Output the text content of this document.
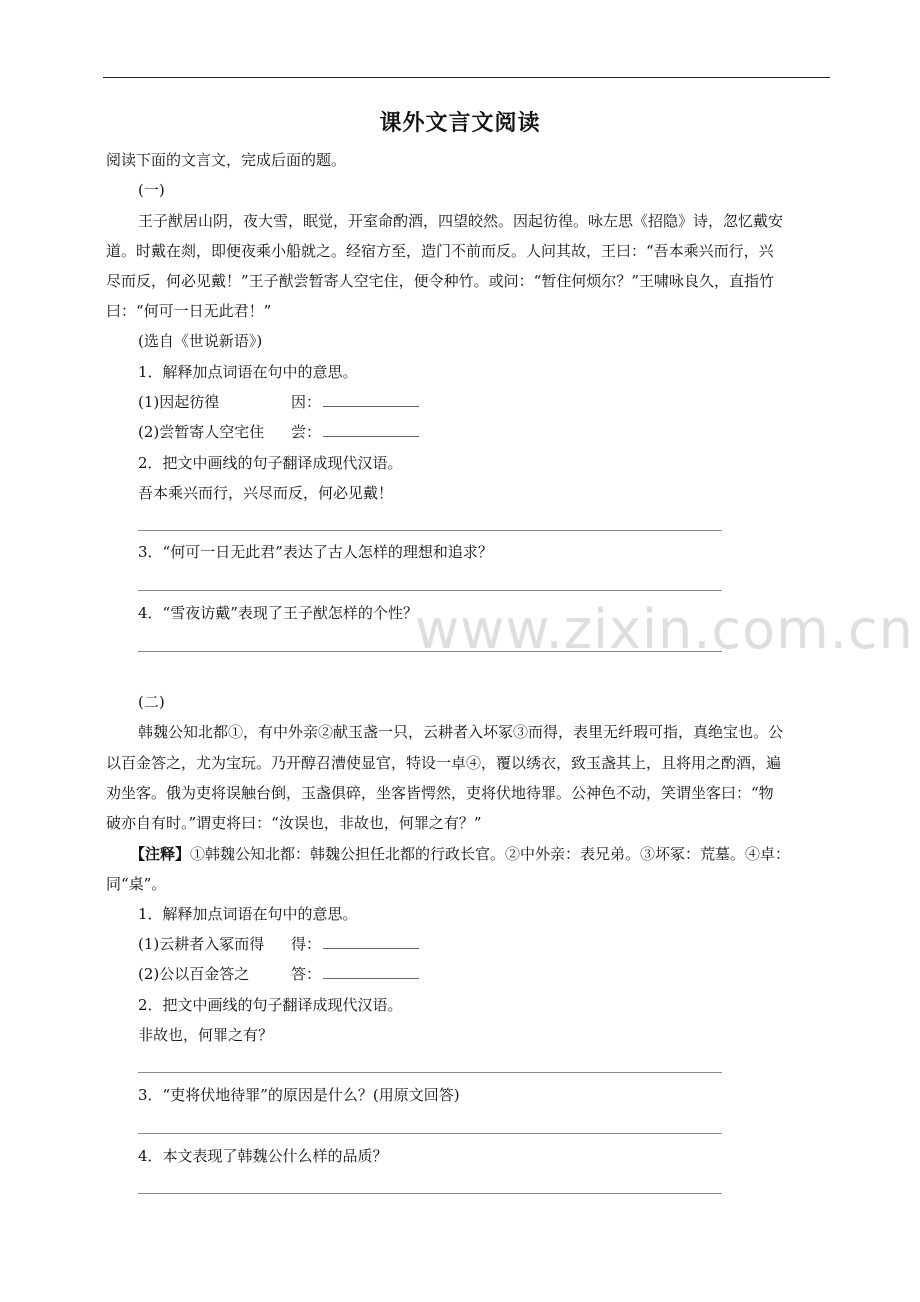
课外文言文阅读
阅读下面的文言文，完成后面的题。
(一)
王子猷居山阴，夜大雪，眠觉，开室命酌酒，四望皎然。因起彷徨。咏左思《招隐》诗，忽忆戴安
道。时戴在剡，即便夜乘小船就之。经宿方至，造门不前而反。人问其故，王曰：“吾本乘兴而行，兴
尽而反，何必见戴！”王子猷尝暂寄人空宅住，便令种竹。或问：“暂住何烦尔？”王啸咏良久，直指竹
曰：“何可一日无此君！”
(选自《世说新语》)
1．解释加点词语在句中的意思。
(1)因起彷徨	因：
(2)尝暂寄人空宅住 尝：
2．把文中画线的句子翻译成现代汉语。
吾本乘兴而行，兴尽而反，何必见戴！
3．“何可一日无此君”表达了古人怎样的理想和追求？
4．“雪夜访戴”表现了王子猷怎样的个性？
(二)
韩魏公知北都①，有中外亲②献玉盏一只，云耕者入坏冢③而得，表里无纤瑕可指，真绝宝也。公
以百金答之，尤为宝玩。乃开醇召漕使显官，特设一卓④，覆以绣衣，致玉盏其上，且将用之酌酒，遍
劝坐客。俄为吏将误触台倒，玉盏俱碎，坐客皆愕然，吏将伏地待罪。公神色不动，笑谓坐客曰：“物
破亦自有时。”谓吏将曰：“汝误也，非故也，何罪之有？”
【注释】①韩魏公知北都：韩魏公担任北都的行政长官。②中外亲：表兄弟。③坏冢：荒墓。④卓：
同“桌”。
1．解释加点词语在句中的意思。
(1)云耕者入冢而得 得：
(2)公以百金答之	答：
2．把文中画线的句子翻译成现代汉语。
非故也，何罪之有？
3．“吏将伏地待罪”的原因是什么？(用原文回答)
4．本文表现了韩魏公什么样的品质？
www.zixin.com.cn
